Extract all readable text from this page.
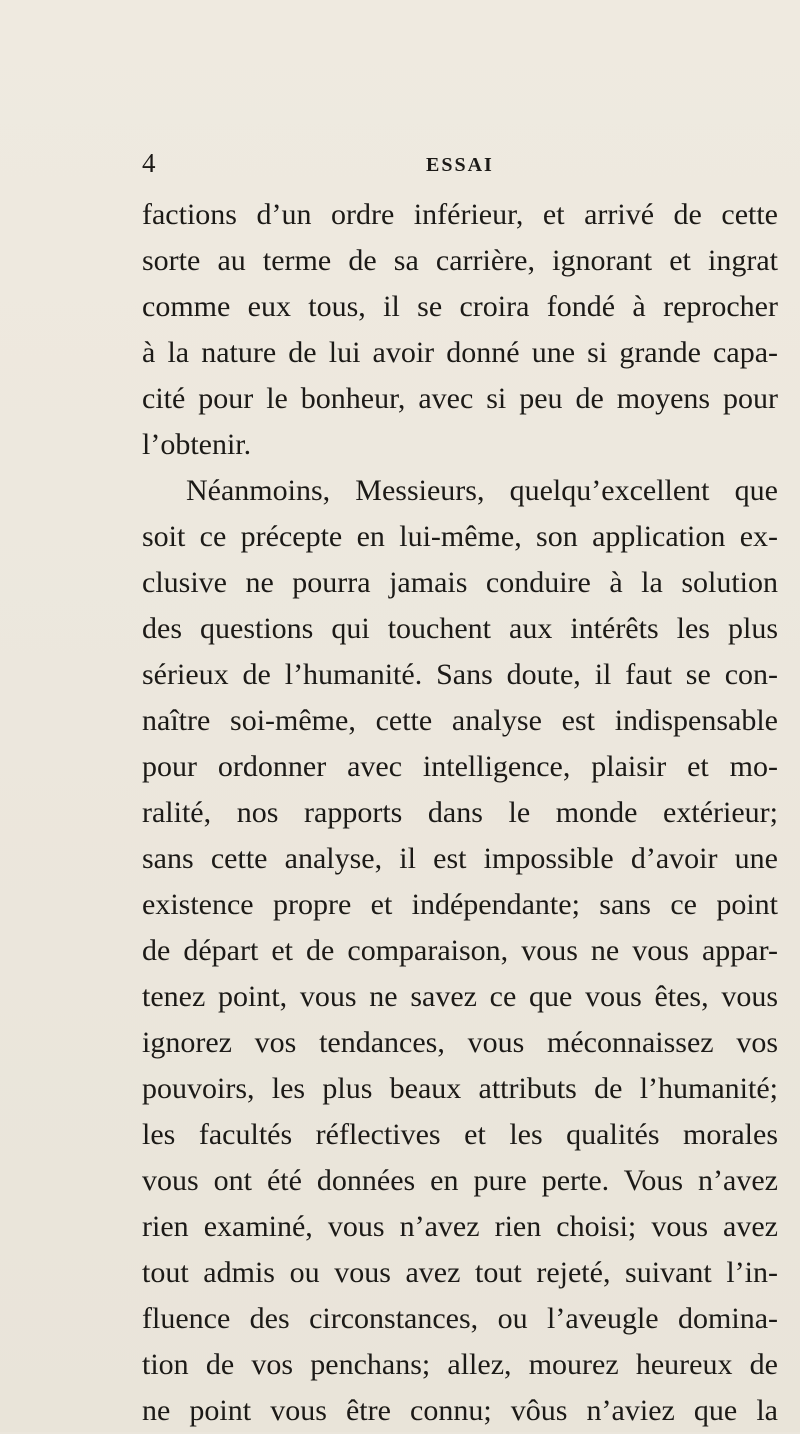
4	ESSAI
factions d’un ordre inférieur, et arrivé de cette
sorte au terme de sa carrière, ignorant et ingrat
comme eux tous, il se croira fondé à reprocher
à la nature de lui avoir donné une si grande capa-
cité pour le bonheur, avec si peu de moyens pour
l’obtenir.
Néanmoins, Messieurs, quelqu’excellent que
soit ce précepte en lui-même, son application ex-
clusive ne pourra jamais conduire à la solution
des questions qui touchent aux intérêts les plus
sérieux de l’humanité. Sans doute, il faut se con-
naître soi-même, cette analyse est indispensable
pour ordonner avec intelligence, plaisir et mo-
ralité, nos rapports dans le monde extérieur;
sans cette analyse, il est impossible d’avoir une
existence propre et indépendante; sans ce point
de départ et de comparaison, vous ne vous appar-
tenez point, vous ne savez ce que vous êtes, vous
ignorez vos tendances, vous méconnaissez vos
pouvoirs, les plus beaux attributs de l’humanité;
les facultés réflectives et les qualités morales
vous ont été données en pure perte. Vous n’avez
rien examiné, vous n’avez rien choisi; vous avez
tout admis ou vous avez tout rejeté, suivant l’in-
fluence des circonstances, ou l’aveugle domina-
tion de vos penchans; allez, mourez heureux de
ne point vous être connu; vôus n’aviez que la
